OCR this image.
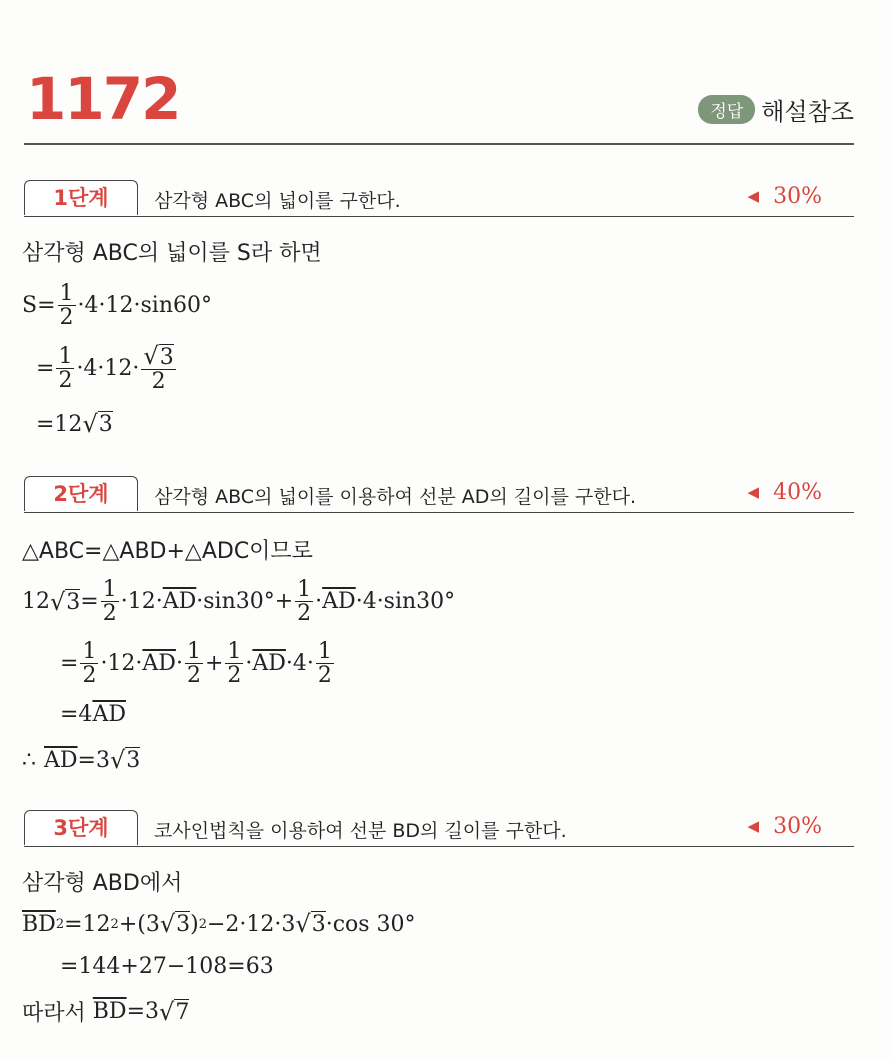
1172	정답 해설참조
1단계	삼각형 ABC의 넓이를 구한다.	◀ 30%
삼각형 ABC의 넓이를 S라 하면
$S= \frac{1}{2} \cdot 4\cdot 12\cdot\sin 60^\circ$
= $\frac{1}{2} \cdot 4\cdot 12\cdot \frac{√3}{2}$
=12 √ 3
2단계	삼각형 ABC의 넓이를 이용하여 선분 AD의 길이를 구한다.	◀ 40%
△ABC=△ABD+△ADC이므로
12 √ $3 = \frac{1}{2} \cdot 12\cdot \overline{AD} \cdot\sin 30^\circ+ \frac{1}{2} \cdot \overline{AD} \cdot 4\cdot\sin 30^\circ$
= $\frac{1}{2} \cdot 12\cdot \overline{AD} \cdot \frac{1}{2} + \frac{1}{2} \cdot \overline{AD} \cdot 4\cdot \frac{1}{2}$
=4 $\overline{AD}$
∴ $\overline{AD} =3$ √ 3
3단계	코사인법칙을 이용하여 선분 BD의 길이를 구한다.	◀ 30%
삼각형 ABD에서
$\overline{BD}$ 2 =12 2 +(3 √ 3 ) 2 −2·12·3 √ 3 ·cos 30°
=144+27−108=63
따라서
$\overline{BD} =3$ √ 7
